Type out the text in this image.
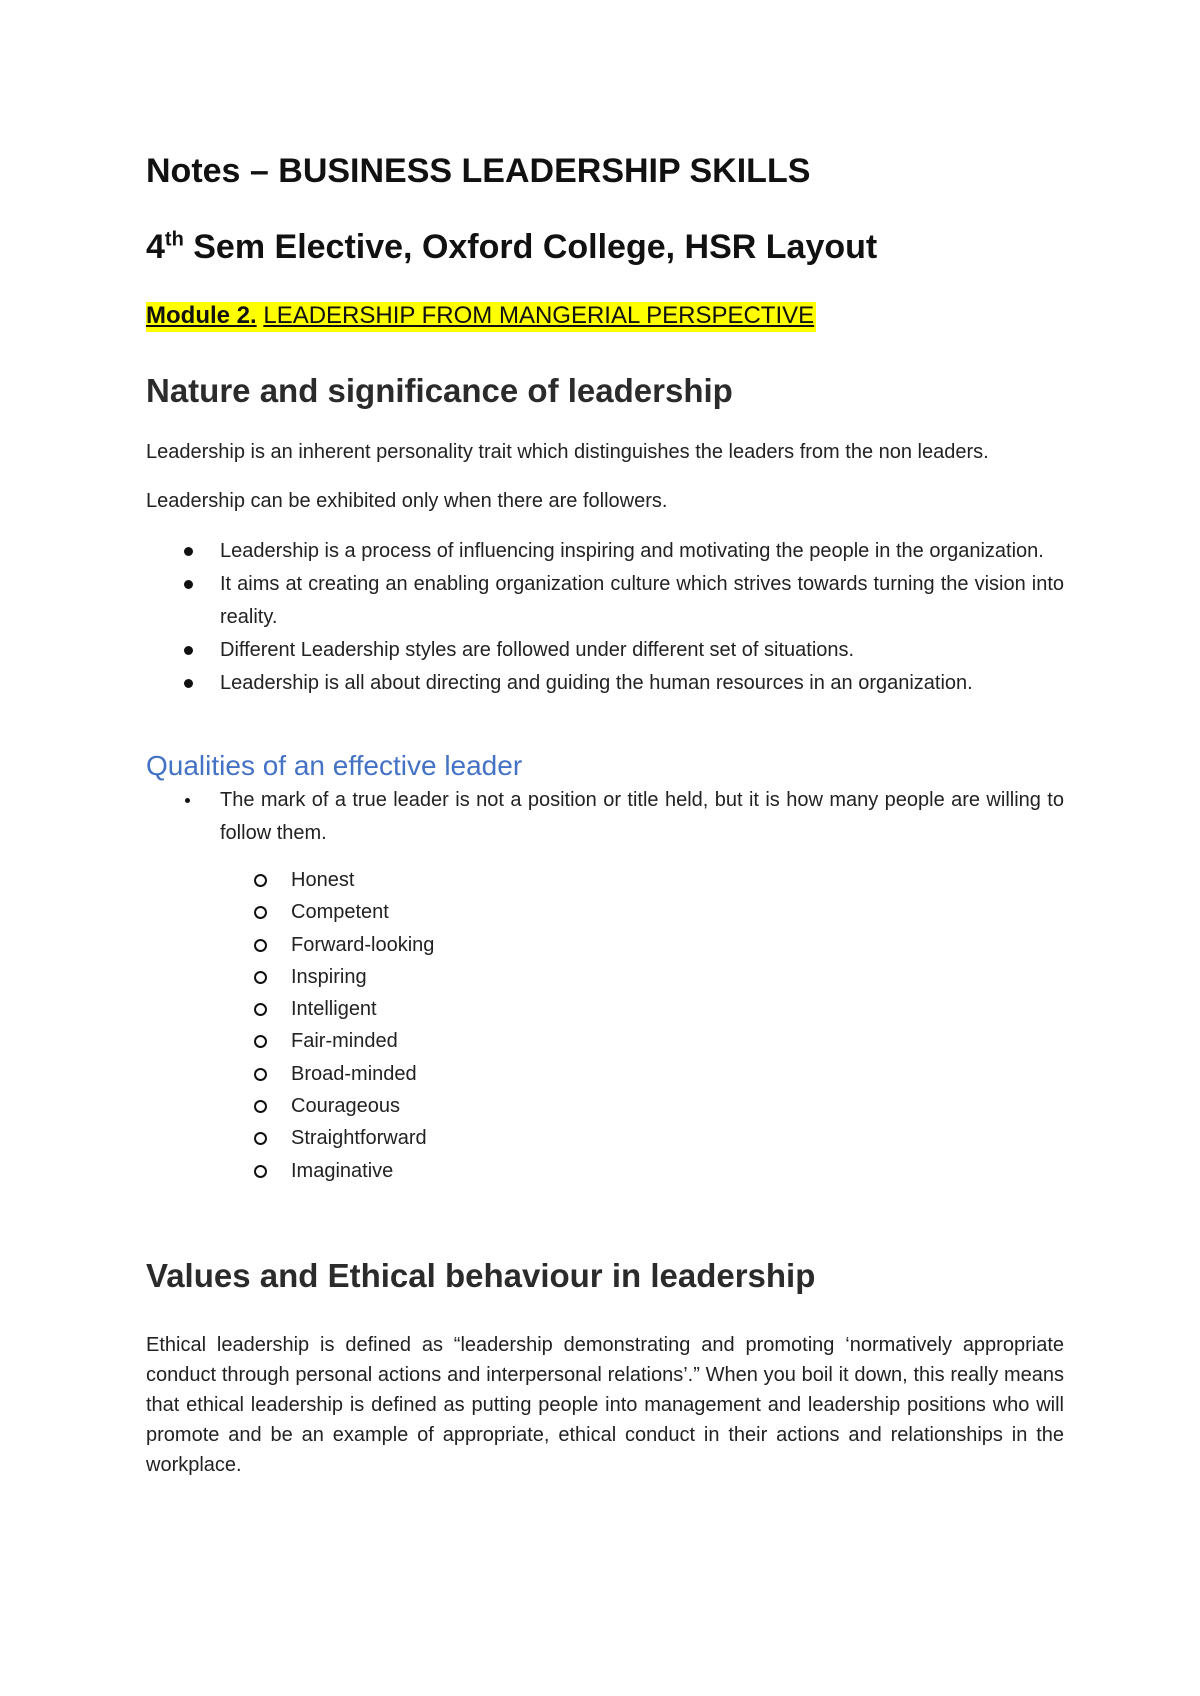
Notes – BUSINESS LEADERSHIP SKILLS
4th Sem Elective, Oxford College, HSR Layout

Module 2. LEADERSHIP FROM MANGERIAL PERSPECTIVE

Nature and significance of leadership

Leadership is an inherent personality trait which distinguishes the leaders from the non leaders.

Leadership can be exhibited only when there are followers.

Leadership is a process of influencing inspiring and motivating the people in the organization.
It aims at creating an enabling organization culture which strives towards turning the vision into reality.
Different Leadership styles are followed under different set of situations.
Leadership is all about directing and guiding the human resources in an organization.
Qualities of an effective leader
The mark of a true leader is not a position or title held, but it is how many people are willing to follow them.
Honest
Competent
Forward-looking
Inspiring
Intelligent
Fair-minded
Broad-minded
Courageous
Straightforward
Imaginative
Values and Ethical behaviour in leadership

Ethical leadership is defined as “leadership demonstrating and promoting ‘normatively appropriate conduct through personal actions and interpersonal relations’.” When you boil it down, this really means that ethical leadership is defined as putting people into management and leadership positions who will promote and be an example of appropriate, ethical conduct in their actions and relationships in the workplace.
